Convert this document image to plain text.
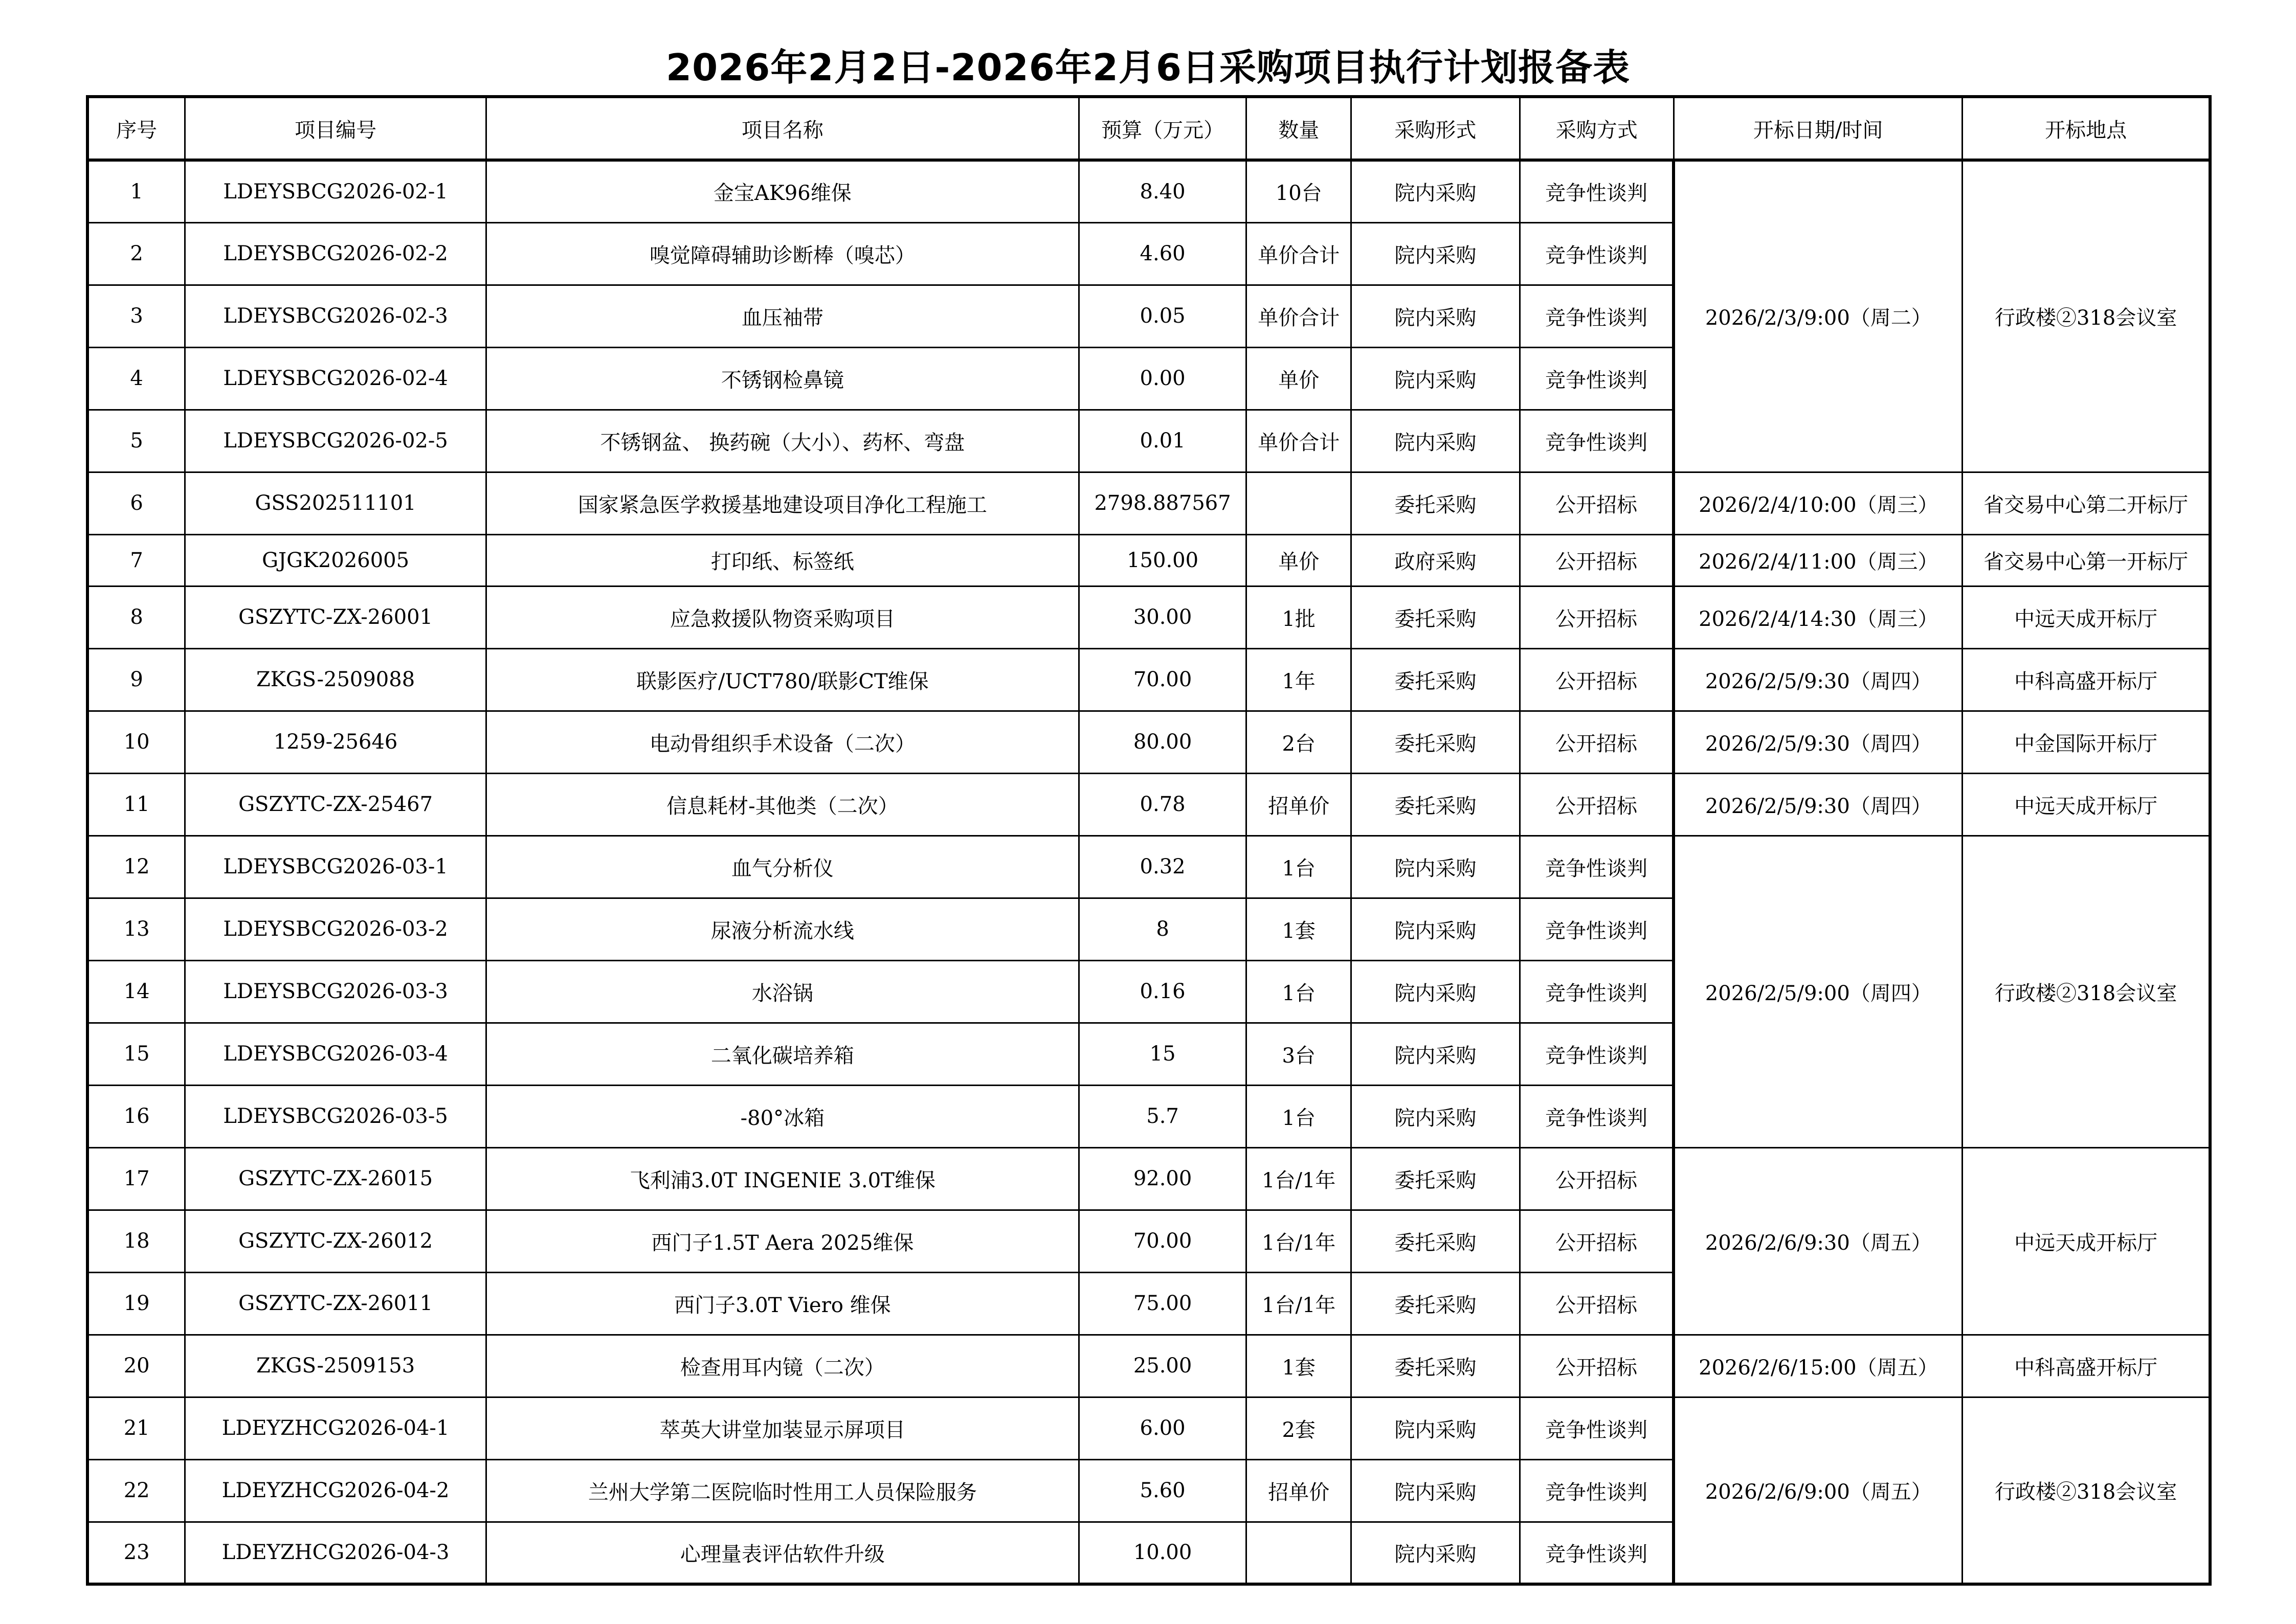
2026年2月2日-2026年2月6日采购项目执行计划报备表
序号	项目编号	项目名称	预算（万元）	数量	采购形式	采购方式	开标日期/时间	开标地点
1	LDEYSBCG2026-02-1	金宝AK96维保	8.40	10台	院内采购	竞争性谈判	2026/2/3/9:00（周二）	行政楼②318会议室
2	LDEYSBCG2026-02-2	嗅觉障碍辅助诊断棒（嗅芯）	4.60	单价合计	院内采购	竞争性谈判		
3	LDEYSBCG2026-02-3	血压袖带	0.05	单价合计	院内采购	竞争性谈判		
4	LDEYSBCG2026-02-4	不锈钢检鼻镜	0.00	单价	院内采购	竞争性谈判		
5	LDEYSBCG2026-02-5	不锈钢盆、 换药碗（大小）、药杯、弯盘	0.01	单价合计	院内采购	竞争性谈判		
6	GSS202511101	国家紧急医学救援基地建设项目净化工程施工	2798.887567		委托采购	公开招标	2026/2/4/10:00（周三）	省交易中心第二开标厅
7	GJGK2026005	打印纸、标签纸	150.00	单价	政府采购	公开招标	2026/2/4/11:00（周三）	省交易中心第一开标厅
8	GSZYTC-ZX-26001	应急救援队物资采购项目	30.00	1批	委托采购	公开招标	2026/2/4/14:30（周三）	中远天成开标厅
9	ZKGS-2509088	联影医疗/UCT780/联影CT维保	70.00	1年	委托采购	公开招标	2026/2/5/9:30（周四）	中科高盛开标厅
10	1259-25646	电动骨组织手术设备（二次）	80.00	2台	委托采购	公开招标	2026/2/5/9:30（周四）	中金国际开标厅
11	GSZYTC-ZX-25467	信息耗材-其他类（二次）	0.78	招单价	委托采购	公开招标	2026/2/5/9:30（周四）	中远天成开标厅
12	LDEYSBCG2026-03-1	血气分析仪	0.32	1台	院内采购	竞争性谈判	2026/2/5/9:00（周四）	行政楼②318会议室
13	LDEYSBCG2026-03-2	尿液分析流水线	8	1套	院内采购	竞争性谈判		
14	LDEYSBCG2026-03-3	水浴锅	0.16	1台	院内采购	竞争性谈判		
15	LDEYSBCG2026-03-4	二氧化碳培养箱	15	3台	院内采购	竞争性谈判		
16	LDEYSBCG2026-03-5	-80°冰箱	5.7	1台	院内采购	竞争性谈判		
17	GSZYTC-ZX-26015	飞利浦3.0T INGENIE 3.0T维保	92.00	1台/1年	委托采购	公开招标	2026/2/6/9:30（周五）	中远天成开标厅
18	GSZYTC-ZX-26012	西门子1.5T Aera 2025维保	70.00	1台/1年	委托采购	公开招标		
19	GSZYTC-ZX-26011	西门子3.0T Viero 维保	75.00	1台/1年	委托采购	公开招标		
20	ZKGS-2509153	检查用耳内镜（二次）	25.00	1套	委托采购	公开招标	2026/2/6/15:00（周五）	中科高盛开标厅
21	LDEYZHCG2026-04-1	萃英大讲堂加装显示屏项目	6.00	2套	院内采购	竞争性谈判	2026/2/6/9:00（周五）	行政楼②318会议室
22	LDEYZHCG2026-04-2	兰州大学第二医院临时性用工人员保险服务	5.60	招单价	院内采购	竞争性谈判		
23	LDEYZHCG2026-04-3	心理量表评估软件升级	10.00		院内采购	竞争性谈判		
